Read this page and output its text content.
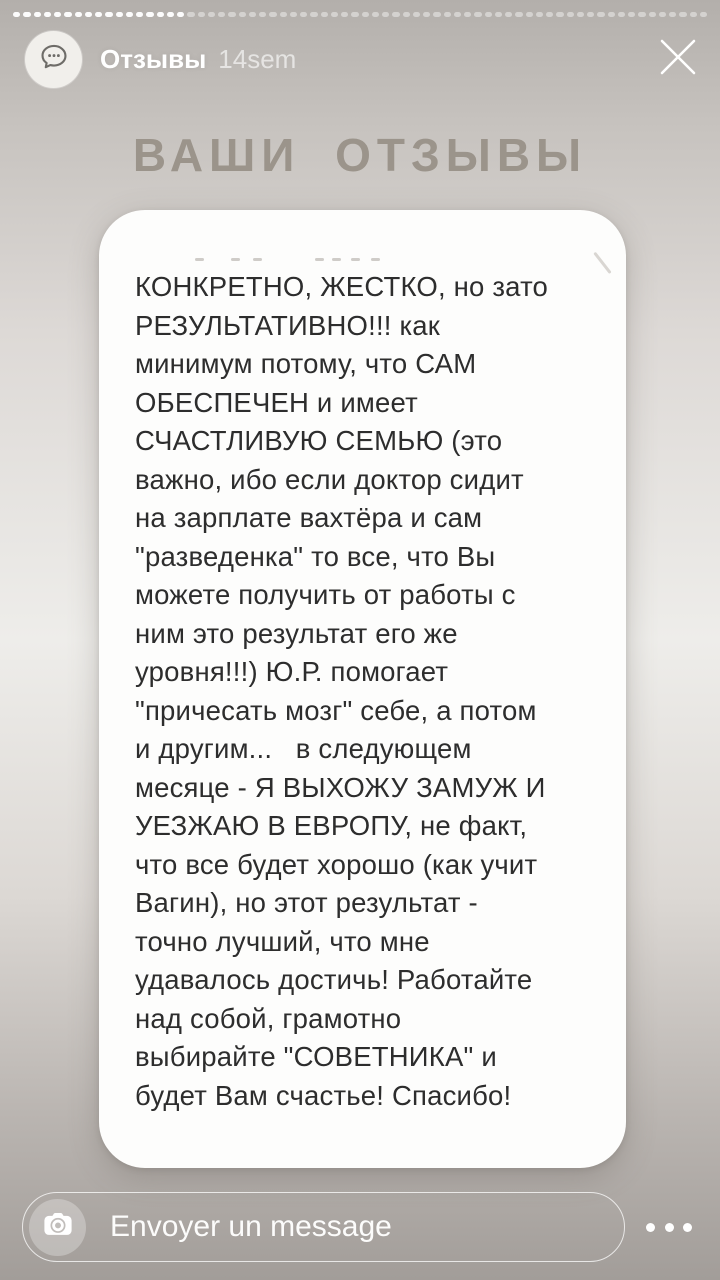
Отзывы 14sem
ВАШИ ОТЗЫВЫ
КОНКРЕТНО, ЖЕСТКО, но зато
РЕЗУЛЬТАТИВНО!!! как
минимум потому, что САМ
ОБЕСПЕЧЕН и имеет
СЧАСТЛИВУЮ СЕМЬЮ (это
важно, ибо если доктор сидит
на зарплате вахтёра и сам
"разведенка" то все, что Вы
можете получить от работы с
ним это результат его же
уровня!!!) Ю.Р. помогает
"причесать мозг" себе, а потом
и другим...   в следующем
месяце - Я ВЫХОЖУ ЗАМУЖ И
УЕЗЖАЮ В ЕВРОПУ, не факт,
что все будет хорошо (как учит
Вагин), но этот результат -
точно лучший, что мне
удавалось достичь! Работайте
над собой, грамотно
выбирайте "СОВЕТНИКА" и
будет Вам счастье! Спасибо!
Envoyer un message
